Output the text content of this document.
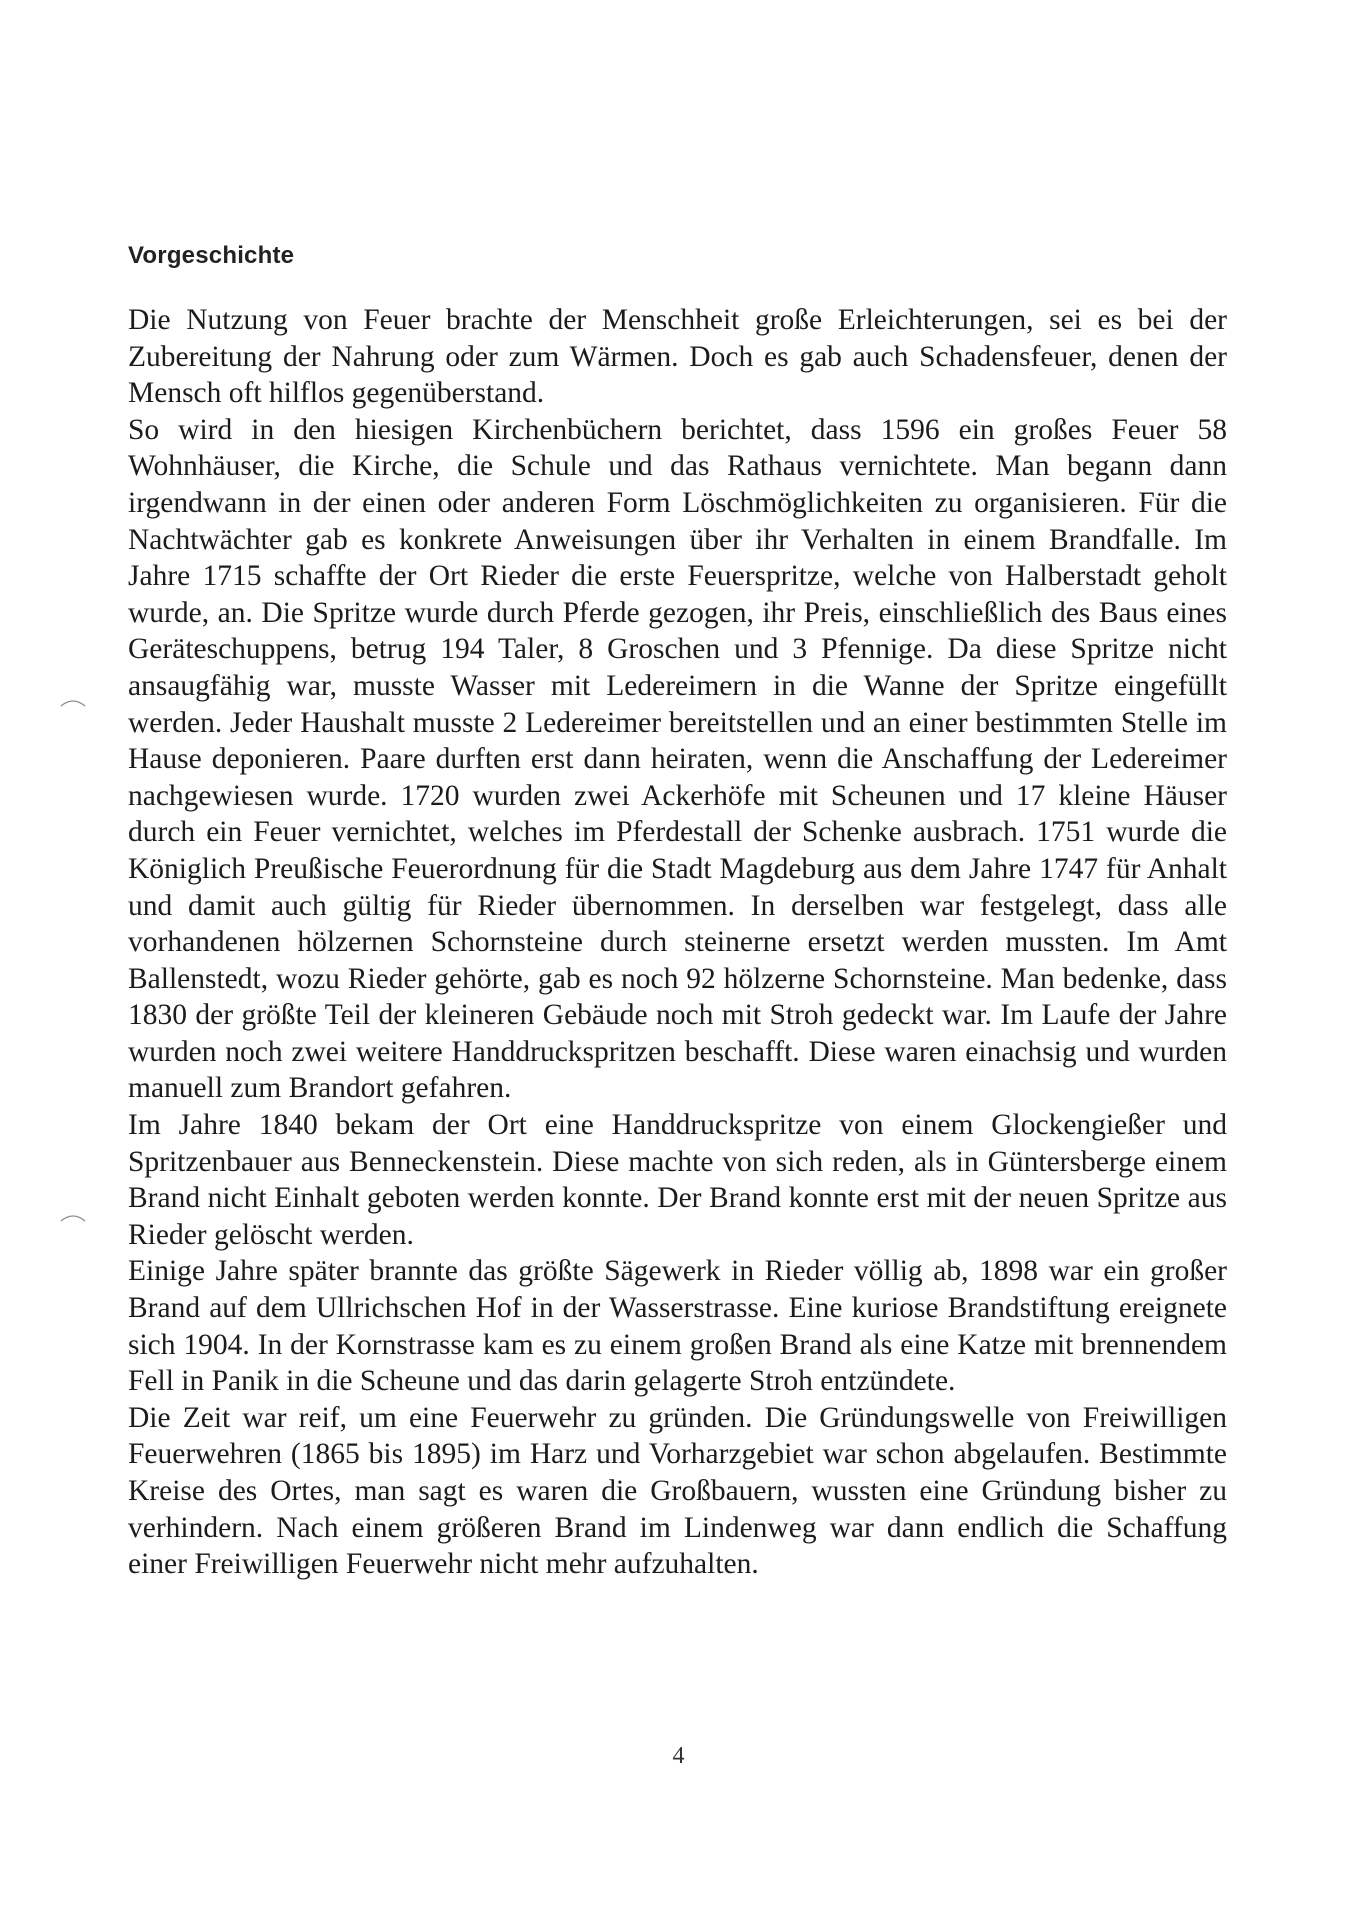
Vorgeschichte

Die Nutzung von Feuer brachte der Menschheit große Erleichterungen, sei es bei der Zubereitung der Nahrung oder zum Wärmen. Doch es gab auch Schadensfeuer, denen der Mensch oft hilflos gegenüberstand.

So wird in den hiesigen Kirchenbüchern berichtet, dass 1596 ein großes Feuer 58 Wohnhäuser, die Kirche, die Schule und das Rathaus vernichtete. Man begann dann irgendwann in der einen oder anderen Form Löschmöglichkeiten zu organisieren. Für die Nachtwächter gab es konkrete Anweisungen über ihr Verhalten in einem Brandfalle. Im Jahre 1715 schaffte der Ort Rieder die erste Feuerspritze, welche von Halberstadt geholt wurde, an. Die Spritze wurde durch Pferde gezogen, ihr Preis, einschließlich des Baus eines Geräteschuppens, betrug 194 Taler, 8 Groschen und 3 Pfennige. Da diese Spritze nicht ansaugfähig war, musste Wasser mit Ledereimern in die Wanne der Spritze eingefüllt werden. Jeder Haushalt musste 2 Ledereimer bereitstellen und an einer bestimmten Stelle im Hause deponieren. Paare durften erst dann heiraten, wenn die Anschaffung der Ledereimer nachgewiesen wurde. 1720 wurden zwei Ackerhöfe mit Scheunen und 17 kleine Häuser durch ein Feuer vernichtet, welches im Pferdestall der Schenke ausbrach. 1751 wurde die Königlich Preußische Feuerordnung für die Stadt Magdeburg aus dem Jahre 1747 für Anhalt und damit auch gültig für Rieder übernommen. In derselben war festgelegt, dass alle vorhandenen hölzernen Schornsteine durch steinerne ersetzt werden mussten. Im Amt Ballenstedt, wozu Rieder gehörte, gab es noch 92 hölzerne Schornsteine. Man bedenke, dass 1830 der größte Teil der kleineren Gebäude noch mit Stroh gedeckt war. Im Laufe der Jahre wurden noch zwei weitere Handdruckspritzen beschafft. Diese waren einachsig und wurden manuell zum Brandort gefahren.

Im Jahre 1840 bekam der Ort eine Handdruckspritze von einem Glockengießer und Spritzenbauer aus Benneckenstein. Diese machte von sich reden, als in Güntersberge einem Brand nicht Einhalt geboten werden konnte. Der Brand konnte erst mit der neuen Spritze aus Rieder gelöscht werden.

Einige Jahre später brannte das größte Sägewerk in Rieder völlig ab, 1898 war ein großer Brand auf dem Ullrichschen Hof in der Wasserstrasse. Eine kuriose Brandstiftung ereignete sich 1904. In der Kornstrasse kam es zu einem großen Brand als eine Katze mit brennendem Fell in Panik in die Scheune und das darin gelagerte Stroh entzündete.

Die Zeit war reif, um eine Feuerwehr zu gründen. Die Gründungswelle von Freiwilligen Feuerwehren (1865 bis 1895) im Harz und Vorharzgebiet war schon abgelaufen. Bestimmte Kreise des Ortes, man sagt es waren die Großbauern, wussten eine Gründung bisher zu verhindern. Nach einem größeren Brand im Lindenweg war dann endlich die Schaffung einer Freiwilligen Feuerwehr nicht mehr aufzuhalten.

4
